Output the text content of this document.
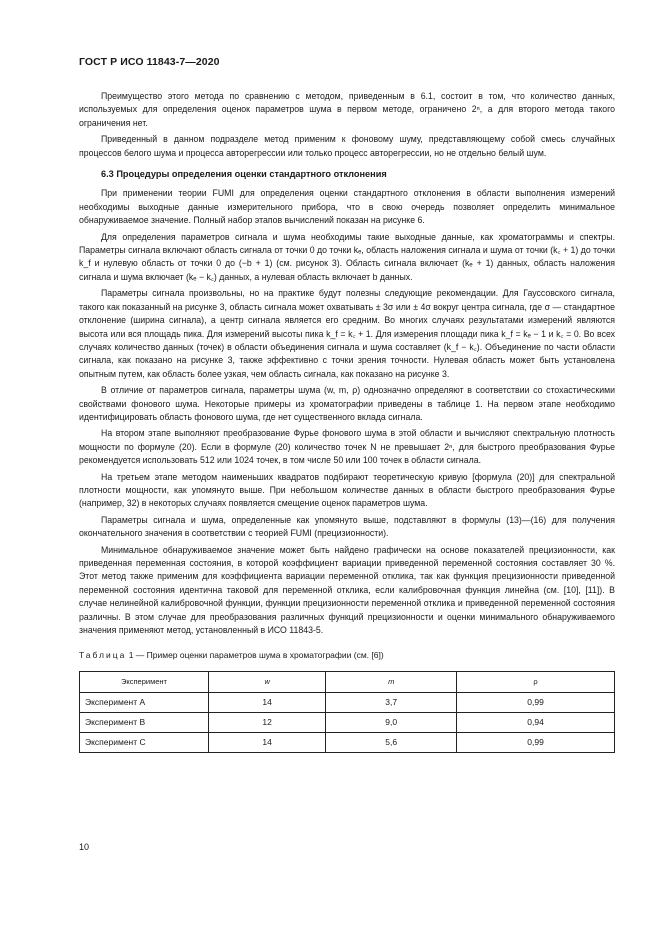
ГОСТ Р ИСО 11843-7—2020

Преимущество этого метода по сравнению с методом, приведенным в 6.1, состоит в том, что количество данных, используемых для определения оценок параметров шума в первом методе, ограничено 2ⁿ, а для второго метода такого ограничения нет.

Приведенный в данном подразделе метод применим к фоновому шуму, представляющему собой смесь случайных процессов белого шума и процесса авторегрессии или только процесс авторегрессии, но не отдельно белый шум.

6.3 Процедуры определения оценки стандартного отклонения

При применении теории FUMI для определения оценки стандартного отклонения в области выполнения измерений необходимы выходные данные измерительного прибора, что в свою очередь позволяет определить минимальное обнаруживаемое значение. Полный набор этапов вычислений показан на рисунке 6.

Для определения параметров сигнала и шума необходимы такие выходные данные, как хроматограммы и спектры. Параметры сигнала включают область сигнала от точки 0 до точки kₑ, область наложения сигнала и шума от точки (k꜀ + 1) до точки k_f и нулевую область от точки 0 до (−b + 1) (см. рисунок 3). Область сигнала включает (kₑ + 1) данных, область наложения сигнала и шума включает (kₑ − k꜀) данных, а нулевая область включает b данных.

Параметры сигнала произвольны, но на практике будут полезны следующие рекомендации. Для Гауссовского сигнала, такого как показанный на рисунке 3, область сигнала может охватывать ± 3σ или ± 4σ вокруг центра сигнала, где σ — стандартное отклонение (ширина сигнала), а центр сигнала является его средним. Во многих случаях результатами измерений являются высота или вся площадь пика. Для измерений высоты пика k_f = k꜀ + 1. Для измерения площади пика k_f = kₑ − 1 и k꜀ = 0. Во всех случаях количество данных (точек) в области объединения сигнала и шума составляет (k_f − k꜀). Объединение по части области сигнала, как показано на рисунке 3, также эффективно с точки зрения точности. Нулевая область может быть установлена опытным путем, как область более узкая, чем область сигнала, как показано на рисунке 3.

В отличие от параметров сигнала, параметры шума (w, m, ρ) однозначно определяют в соответствии со стохастическими свойствами фонового шума. Некоторые примеры из хроматографии приведены в таблице 1. На первом этапе необходимо идентифицировать область фонового шума, где нет существенного вклада сигнала.

На втором этапе выполняют преобразование Фурье фонового шума в этой области и вычисляют спектральную плотность мощности по формуле (20). Если в формуле (20) количество точек N не превышает 2ⁿ, для быстрого преобразования Фурье рекомендуется использовать 512 или 1024 точек, в том числе 50 или 100 точек в области сигнала.

На третьем этапе методом наименьших квадратов подбирают теоретическую кривую [формула (20)] для спектральной плотности мощности, как упомянуто выше. При небольшом количестве данных в области быстрого преобразования Фурье (например, 32) в некоторых случаях появляется смещение оценок параметров шума.

Параметры сигнала и шума, определенные как упомянуто выше, подставляют в формулы (13)—(16) для получения окончательного значения в соответствии с теорией FUMI (прецизионности).

Минимальное обнаруживаемое значение может быть найдено графически на основе показателей прецизионности, как приведенная переменная состояния, в которой коэффициент вариации приведенной переменной состояния составляет 30 %. Этот метод также применим для коэффициента вариации переменной отклика, так как функция прецизионности приведенной переменной состояния идентична таковой для переменной отклика, если калибровочная функция линейна (см. [10], [11]). В случае нелинейной калибровочной функции, функции прецизионности переменной отклика и приведенной переменной состояния различны. В этом случае для преобразования различных функций прецизионности и оценки минимального обнаруживаемого значения применяют метод, установленный в ИСО 11843-5.

Таблица 1 — Пример оценки параметров шума в хроматографии (см. [6])
Эксперимент	w	m	ρ
Эксперимент A	14	3,7	0,99
Эксперимент B	12	9,0	0,94
Эксперимент C	14	5,6	0,99
10
